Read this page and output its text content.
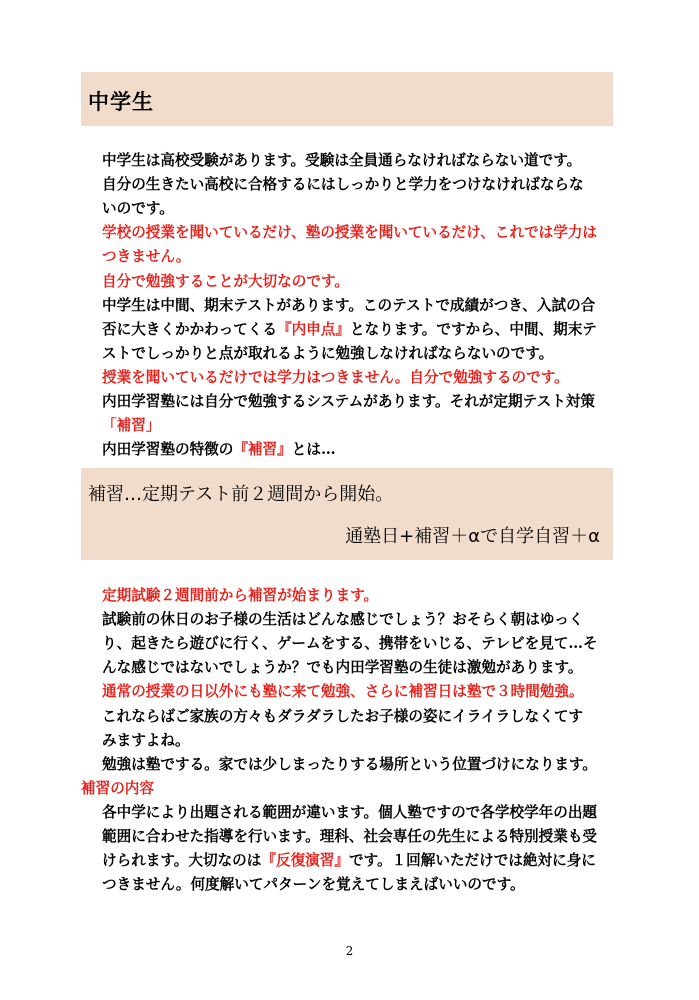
中学生
中学生は高校受験があります。受験は全員通らなければならない道です。
自分の生きたい高校に合格するにはしっかりと学力をつけなければならな
いのです。
学校の授業を聞いているだけ、塾の授業を聞いているだけ、これでは学力は
つきません。
自分で勉強することが大切なのです。
中学生は中間、期末テストがあります。このテストで成績がつき、入試の合
否に大きくかかわってくる『内申点』となります。ですから、中間、期末テ
ストでしっかりと点が取れるように勉強しなければならないのです。
授業を聞いているだけでは学力はつきません。自分で勉強するのです。
内田学習塾には自分で勉強するシステムがあります。それが定期テスト対策
「補習」
内田学習塾の特徴の『補習』とは…
補習…定期テスト前２週間から開始。
通塾日+補習＋αで自学自習＋α
定期試験２週間前から補習が始まります。
試験前の休日のお子様の生活はどんな感じでしょう？おそらく朝はゆっく
り、起きたら遊びに行く、ゲームをする、携帯をいじる、テレビを見て…そ
んな感じではないでしょうか？でも内田学習塾の生徒は激勉があります。
通常の授業の日以外にも塾に来て勉強、さらに補習日は塾で３時間勉強。
これならばご家族の方々もダラダラしたお子様の姿にイライラしなくてす
みますよね。
勉強は塾でする。家では少しまったりする場所という位置づけになります。
補習の内容
各中学により出題される範囲が違います。個人塾ですので各学校学年の出題
範囲に合わせた指導を行います。理科、社会専任の先生による特別授業も受
けられます。大切なのは『反復演習』です。１回解いただけでは絶対に身に
つきません。何度解いてパターンを覚えてしまえばいいのです。
2
